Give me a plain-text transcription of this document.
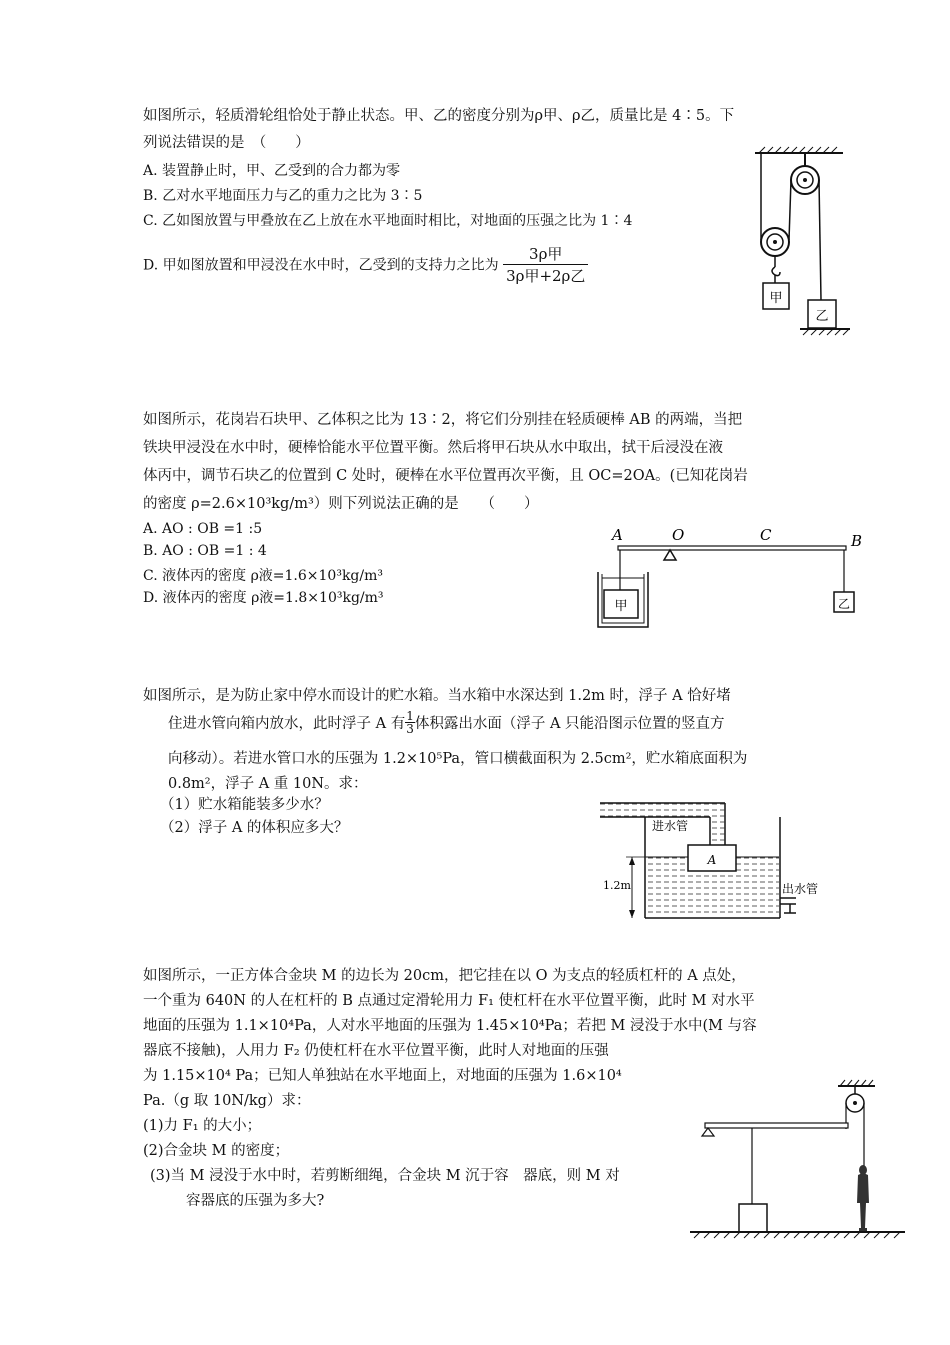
如图所示，轻质滑轮组恰处于静止状态。甲、乙的密度分别为ρ甲、ρ乙，质量比是 4∶5。下
列说法错误的是　（　　）
A. 装置静止时，甲、乙受到的合力都为零
B. 乙对水平地面压力与乙的重力之比为 3∶5
C. 乙如图放置与甲叠放在乙上放在水平地面时相比，对地面的压强之比为 1∶4
D. 甲如图放置和甲浸没在水中时，乙受到的支持力之比为 $\frac{\text{3ρ甲}}{\text{3ρ甲+2ρ乙}}$
甲
乙
如图所示，花岗岩石块甲、乙体积之比为 13∶2，将它们分别挂在轻质硬棒 AB 的两端，当把
铁块甲浸没在水中时，硬棒恰能水平位置平衡。然后将甲石块从水中取出，拭干后浸没在液
体丙中，调节石块乙的位置到 C 处时，硬棒在水平位置再次平衡，且 OC=2OA。(已知花岗岩
的密度 ρ=2.6×10³kg/m³）则下列说法正确的是　　（　　）
A. AO : OB =1 :5
B. AO : OB =1 : 4
C. 液体丙的密度 ρ液=1.6×10³kg/m³
D. 液体丙的密度 ρ液=1.8×10³kg/m³
A	O	C	B
甲	乙
如图所示，是为防止家中停水而设计的贮水箱。当水箱中水深达到 1.2m 时，浮子 A 恰好堵
住进水管向箱内放水，此时浮子 A 有 $\frac{1}{3}$ 体积露出水面（浮子 A 只能沿图示位置的竖直方
向移动）。若进水管口水的压强为 1.2×10⁵Pa，管口横截面积为 2.5cm²，贮水箱底面积为
0.8m²，浮子 A 重 10N。求：
（1）贮水箱能装多少水？
（2）浮子 A 的体积应多大？	进水管
A
1.2m	出水管
如图所示，一正方体合金块 M 的边长为 20cm，把它挂在以 O 为支点的轻质杠杆的 A 点处，
一个重为 640N 的人在杠杆的 B 点通过定滑轮用力 F₁ 使杠杆在水平位置平衡，此时 M 对水平
地面的压强为 1.1×10⁴Pa，人对水平地面的压强为 1.45×10⁴Pa；若把 M 浸没于水中(M 与容
器底不接触)，人用力 F₂ 仍使杠杆在水平位置平衡，此时人对地面的压强
为 1.15×10⁴ Pa；已知人单独站在水平地面上，对地面的压强为 1.6×10⁴
Pa.（g 取 10N/kg）求：
(1)力 F₁ 的大小；
(2)合金块 M 的密度；
(3)当 M 浸没于水中时，若剪断细绳，合金块 M 沉于容　器底，则 M 对
容器底的压强为多大?
